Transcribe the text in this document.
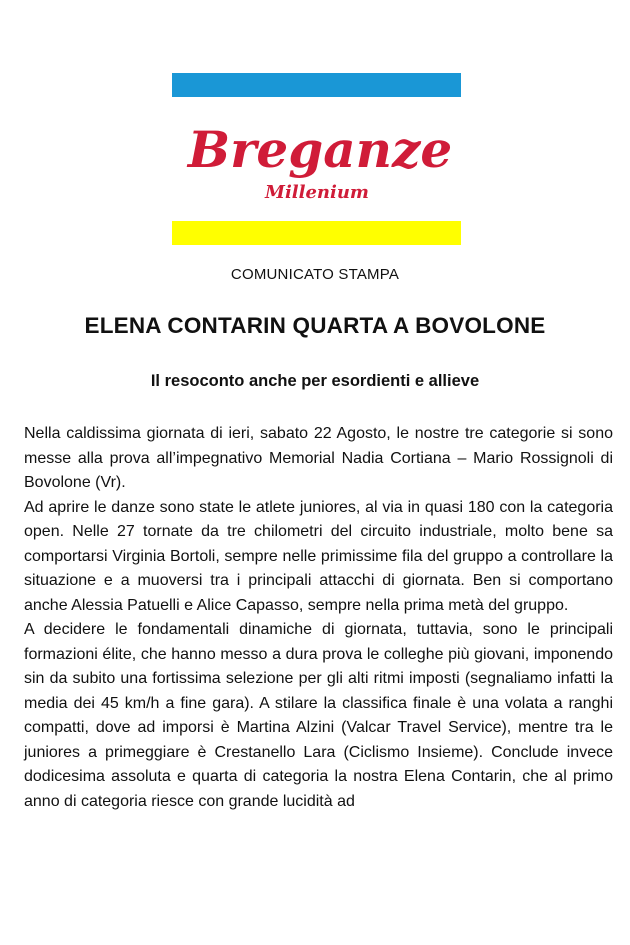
Breganze
Millenium
COMUNICATO STAMPA
ELENA CONTARIN QUARTA A BOVOLONE
Il resoconto anche per esordienti e allieve

Nella caldissima giornata di ieri, sabato 22 Agosto, le nostre tre categorie si sono messe alla prova all’impegnativo Memorial Nadia Cortiana – Mario Rossignoli di Bovolone (Vr).

Ad aprire le danze sono state le atlete juniores, al via in quasi 180 con la categoria open. Nelle 27 tornate da tre chilometri del circuito industriale, molto bene sa comportarsi Virginia Bortoli, sempre nelle primissime fila del gruppo a controllare la situazione e a muoversi tra i principali attacchi di giornata. Ben si comportano anche Alessia Patuelli e Alice Capasso, sempre nella prima metà del gruppo.

A decidere le fondamentali dinamiche di giornata, tuttavia, sono le principali formazioni élite, che hanno messo a dura prova le colleghe più giovani, imponendo sin da subito una fortissima selezione per gli alti ritmi imposti (segnaliamo infatti la media dei 45 km/h a fine gara). A stilare la classifica finale è una volata a ranghi compatti, dove ad imporsi è Martina Alzini (Valcar Travel Service), mentre tra le juniores a primeggiare è Crestanello Lara (Ciclismo Insieme). Conclude invece dodicesima assoluta e quarta di categoria la nostra Elena Contarin, che al primo anno di categoria riesce con grande lucidità ad
